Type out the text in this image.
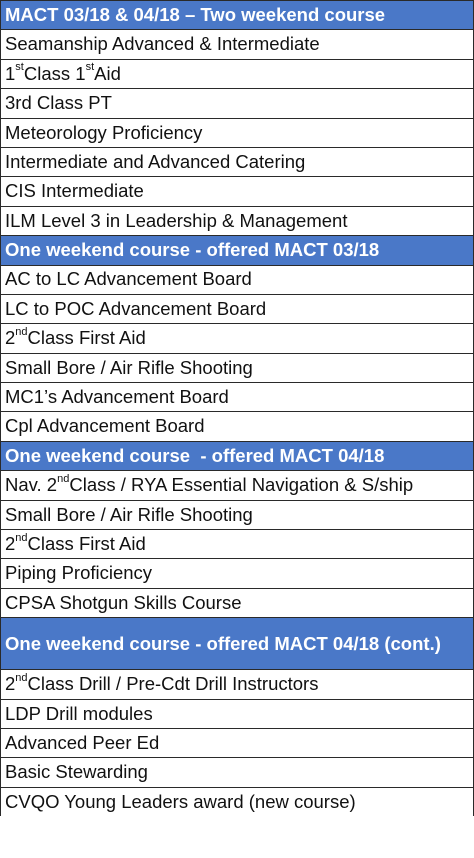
MACT 03/18 & 04/18 – Two weekend course
Seamanship Advanced & Intermediate
1st Class 1st Aid
3rd Class PT
Meteorology Proficiency
Intermediate and Advanced Catering
CIS Intermediate
ILM Level 3 in Leadership & Management
One weekend course - offered MACT 03/18
AC to LC Advancement Board
LC to POC Advancement Board
2nd Class First Aid
Small Bore / Air Rifle Shooting
MC1’s Advancement Board
Cpl Advancement Board
One weekend course  - offered MACT 04/18
Nav. 2nd Class / RYA Essential Navigation & S/ship
Small Bore / Air Rifle Shooting
2nd Class First Aid
Piping Proficiency
CPSA Shotgun Skills Course
One weekend course - offered MACT 04/18 (cont.)
2nd Class Drill / Pre-Cdt Drill Instructors
LDP Drill modules
Advanced Peer Ed
Basic Stewarding
CVQO Young Leaders award (new course)
